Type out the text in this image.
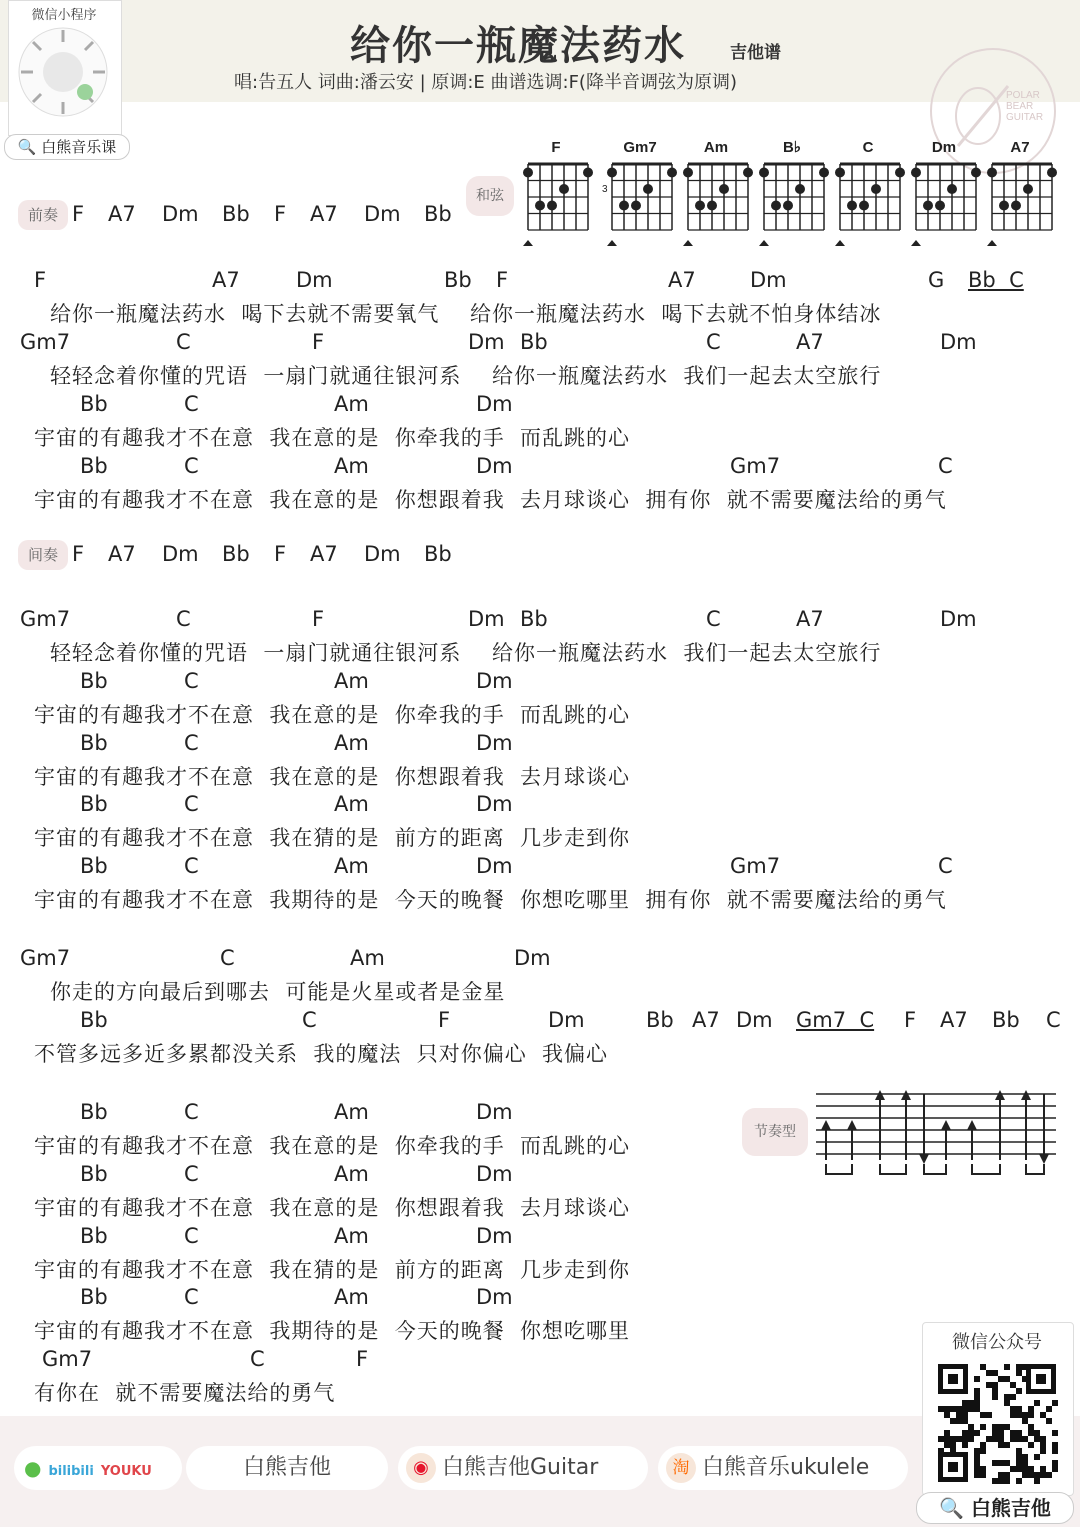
微信小程序
🔍 白熊音乐课
给你一瓶魔法药水	吉他谱
唱:告五人 词曲:潘云安 | 原调:E 曲谱选调:F(降半音调弦为原调)
POLAR
BEAR
GUITAR
和弦
F	Gm7	Am	B♭	C	Dm	A7
3
前奏
间奏
节奏型
● bilibili YOUKU	白熊吉他	◉ 白熊吉他Guitar	淘 白熊音乐ukulele
微信公众号
🔍 白熊吉他
F A7 Dm Bb F A7 Dm Bb
F A7 Dm Bb F A7 Dm Bb
F	A7	Dm	Bb F	A7	Dm	G Bb  C
给你一瓶魔法药水  喝下去就不需要氧气    给你一瓶魔法药水  喝下去就不怕身体结冰
Gm7	C	F	Dm Bb	C	A7	Dm
轻轻念着你懂的咒语  一扇门就通往银河系    给你一瓶魔法药水  我们一起去太空旅行
Bb	C	Am	Dm
宇宙的有趣我才不在意  我在意的是  你牵我的手  而乱跳的心
Bb	C	Am	Dm	Gm7	C
宇宙的有趣我才不在意  我在意的是  你想跟着我  去月球谈心  拥有你  就不需要魔法给的勇气
Gm7	C	F	Dm Bb	C	A7	Dm
轻轻念着你懂的咒语  一扇门就通往银河系    给你一瓶魔法药水  我们一起去太空旅行
Bb	C	Am	Dm
宇宙的有趣我才不在意  我在意的是  你牵我的手  而乱跳的心
Bb	C	Am	Dm
宇宙的有趣我才不在意  我在意的是  你想跟着我  去月球谈心
Bb	C	Am	Dm
宇宙的有趣我才不在意  我在猜的是  前方的距离  几步走到你
Bb	C	Am	Dm	Gm7	C
宇宙的有趣我才不在意  我期待的是  今天的晚餐  你想吃哪里  拥有你  就不需要魔法给的勇气
Gm7	C	Am	Dm
你走的方向最后到哪去  可能是火星或者是金星
Bb	C	F	Dm	Bb A7 Dm Gm7  C F A7 Bb C
不管多远多近多累都没关系  我的魔法  只对你偏心  我偏心
Bb	C	Am	Dm
宇宙的有趣我才不在意  我在意的是  你牵我的手  而乱跳的心
Bb	C	Am	Dm
宇宙的有趣我才不在意  我在意的是  你想跟着我  去月球谈心
Bb	C	Am	Dm
宇宙的有趣我才不在意  我在猜的是  前方的距离  几步走到你
Bb	C	Am	Dm
宇宙的有趣我才不在意  我期待的是  今天的晚餐  你想吃哪里
Gm7	C	F
有你在  就不需要魔法给的勇气
